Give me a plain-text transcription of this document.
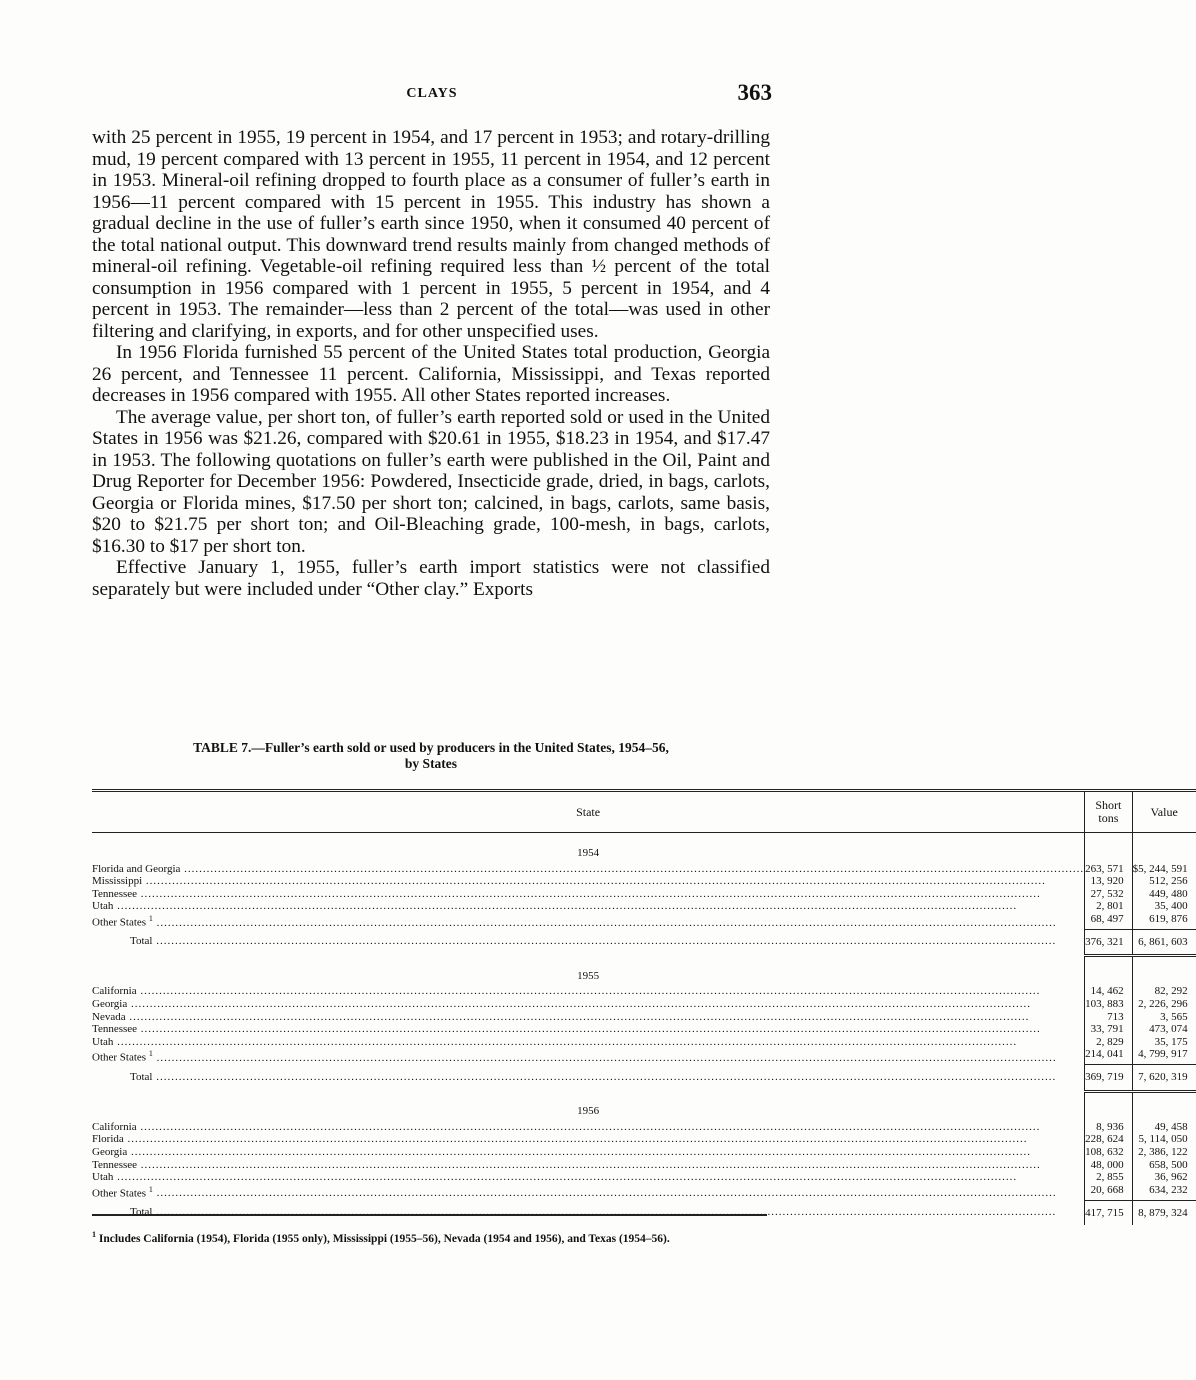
CLAYS	363

with 25 percent in 1955, 19 percent in 1954, and 17 percent in 1953; and rotary-drilling mud, 19 percent compared with 13 percent in 1955, 11 percent in 1954, and 12 percent in 1953. Mineral-oil refining dropped to fourth place as a consumer of fuller’s earth in 1956—11 percent compared with 15 percent in 1955. This industry has shown a gradual decline in the use of fuller’s earth since 1950, when it consumed 40 percent of the total national output. This downward trend results mainly from changed methods of mineral-oil refining. Vegetable-oil refining required less than ½ percent of the total consumption in 1956 compared with 1 percent in 1955, 5 percent in 1954, and 4 percent in 1953. The remainder—less than 2 percent of the total—was used in other filtering and clarifying, in exports, and for other unspecified uses.

In 1956 Florida furnished 55 percent of the United States total production, Georgia 26 percent, and Tennessee 11 percent. California, Mississippi, and Texas reported decreases in 1956 compared with 1955. All other States reported increases.

The average value, per short ton, of fuller’s earth reported sold or used in the United States in 1956 was $21.26, compared with $20.61 in 1955, $18.23 in 1954, and $17.47 in 1953. The following quotations on fuller’s earth were published in the Oil, Paint and Drug Reporter for December 1956: Powdered, Insecticide grade, dried, in bags, carlots, Georgia or Florida mines, $17.50 per short ton; calcined, in bags, carlots, same basis, $20 to $21.75 per short ton; and Oil-Bleaching grade, 100-mesh, in bags, carlots, $16.30 to $17 per short ton.

Effective January 1, 1955, fuller’s earth import statistics were not classified separately but were included under “Other clay.” Exports

TABLE 7.—Fuller’s earth sold or used by producers in the United States, 1954–56,
by States
State	Short tons	Value
1954		
Florida and Georgia .....	263, 571	$5, 244, 591
Mississippi .....	13, 920	512, 256
Tennessee .....	27, 532	449, 480
Utah .....	2, 801	35, 400
Other States $^1$ .....	68, 497	619, 876
Total .....	376, 321	6, 861, 603
1955		
California .....	14, 462	82, 292
Georgia .....	103, 883	2, 226, 296
Nevada .....	713	3, 565
Tennessee .....	33, 791	473, 074
Utah .....	2, 829	35, 175
Other States $^1$ .....	214, 041	4, 799, 917
Total .....	369, 719	7, 620, 319
1956		
California .....	8, 936	49, 458
Florida .....	228, 624	5, 114, 050
Georgia .....	108, 632	2, 386, 122
Tennessee .....	48, 000	658, 500
Utah .....	2, 855	36, 962
Other States $^1$ .....	20, 668	634, 232
Total .....	417, 715	8, 879, 324
$^1$ Includes California (1954), Florida (1955 only), Mississippi (1955–56), Nevada (1954 and 1956), and Texas (1954–56).
